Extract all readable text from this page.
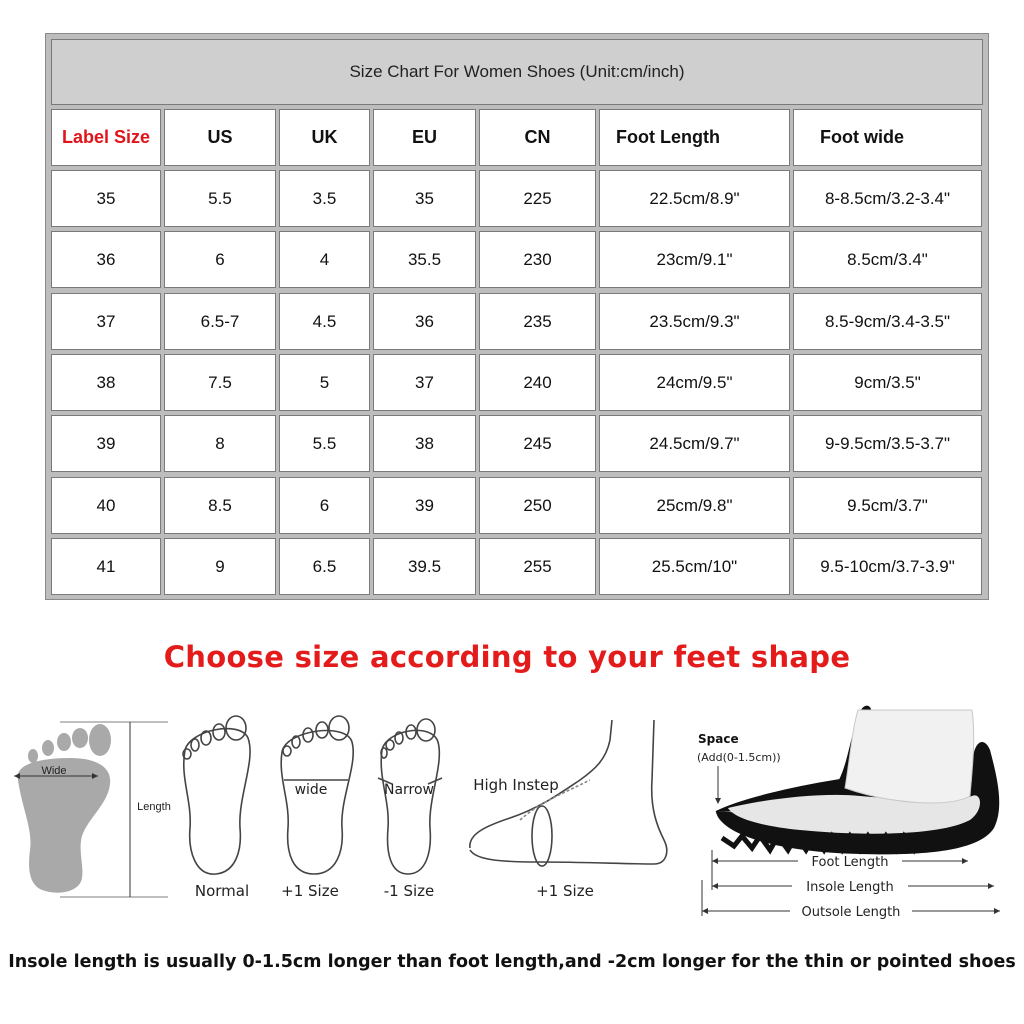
Size Chart For Women Shoes (Unit:cm/inch)
Label Size	US	UK	EU	CN	Foot Length	Foot wide
35	5.5	3.5	35	225	22.5cm/8.9"	8-8.5cm/3.2-3.4"
36	6	4	35.5	230	23cm/9.1"	8.5cm/3.4"
37	6.5-7	4.5	36	235	23.5cm/9.3"	8.5-9cm/3.4-3.5"
38	7.5	5	37	240	24cm/9.5"	9cm/3.5"
39	8	5.5	38	245	24.5cm/9.7"	9-9.5cm/3.5-3.7"
40	8.5	6	39	250	25cm/9.8"	9.5cm/3.7"
41	9	6.5	39.5	255	25.5cm/10"	9.5-10cm/3.7-3.9"
Choose size according to your feet shape
Wide
Length
Normal
wide
+1 Size
Narrow
-1 Size
High Instep
+1 Size
Space
(Add(0-1.5cm))
Foot Length
Insole Length
Outsole Length
Insole length is usually 0-1.5cm longer than foot length,and -2cm longer for the thin or pointed shoes
